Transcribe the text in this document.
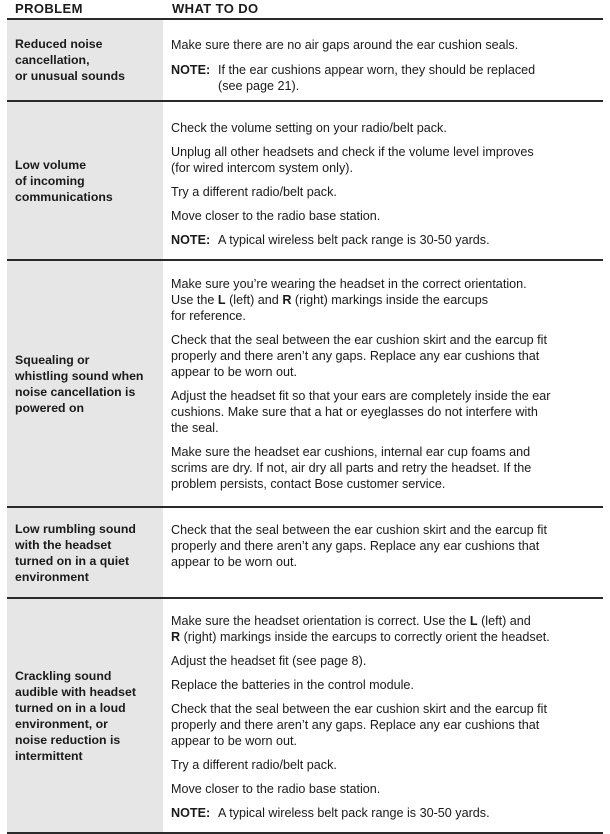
PROBLEM	WHAT TO DO
Reduced noise
cancellation,
or unusual sounds

Make sure there are no air gaps around the ear cushion seals.

NOTE: If the ear cushions appear worn, they should be replaced
(see page 21).
Low volume
of incoming
communications

Check the volume setting on your radio/belt pack.

Unplug all other headsets and check if the volume level improves
(for wired intercom system only).

Try a different radio/belt pack.

Move closer to the radio base station.

NOTE: A typical wireless belt pack range is 30-50 yards.
Squealing or
whistling sound when
noise cancellation is
powered on

Make sure you’re wearing the headset in the correct orientation.
Use the L (left) and R (right) markings inside the earcups
for reference.

Check that the seal between the ear cushion skirt and the earcup fit
properly and there aren’t any gaps. Replace any ear cushions that
appear to be worn out.

Adjust the headset fit so that your ears are completely inside the ear
cushions. Make sure that a hat or eyeglasses do not interfere with
the seal.

Make sure the headset ear cushions, internal ear cup foams and
scrims are dry. If not, air dry all parts and retry the headset. If the
problem persists, contact Bose customer service.

Low rumbling sound
with the headset
turned on in a quiet
environment

Check that the seal between the ear cushion skirt and the earcup fit
properly and there aren’t any gaps. Replace any ear cushions that
appear to be worn out.

Crackling sound
audible with headset
turned on in a loud
environment, or
noise reduction is
intermittent

Make sure the headset orientation is correct. Use the L (left) and
R (right) markings inside the earcups to correctly orient the headset.

Adjust the headset fit (see page 8).

Replace the batteries in the control module.

Check that the seal between the ear cushion skirt and the earcup fit
properly and there aren’t any gaps. Replace any ear cushions that
appear to be worn out.

Try a different radio/belt pack.

Move closer to the radio base station.

NOTE: A typical wireless belt pack range is 30-50 yards.
